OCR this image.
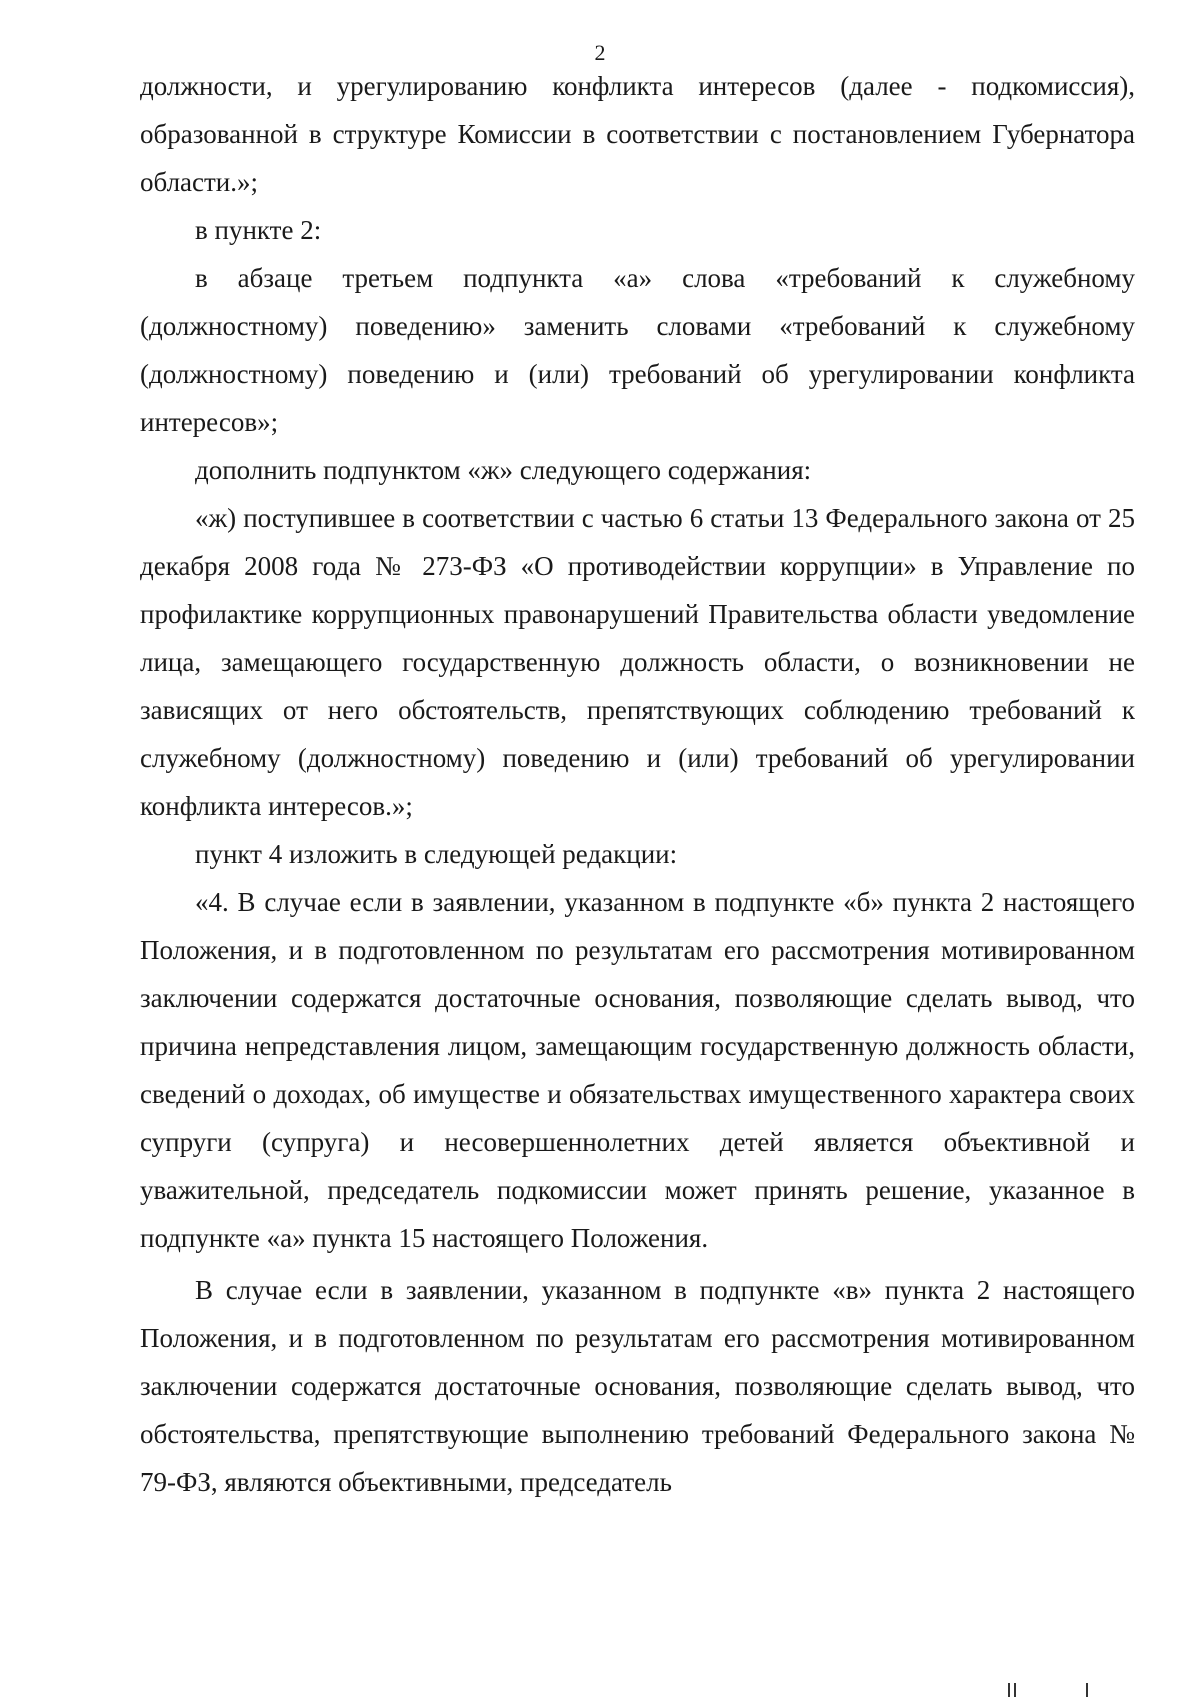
2

должности, и урегулированию конфликта интересов (далее - подкомиссия), образованной в структуре Комиссии в соответствии с постановлением Губернатора области.»;

в пункте 2:

в абзаце третьем подпункта «а» слова «требований к служебному (должностному) поведению» заменить словами «требований к служебному (должностному) поведению и (или) требований об урегулировании конфликта интересов»;

дополнить подпунктом «ж» следующего содержания:

«ж) поступившее в соответствии с частью 6 статьи 13 Федерального закона от 25 декабря 2008 года № 273-ФЗ «О противодействии коррупции» в Управление по профилактике коррупционных правонарушений Правительства области уведомление лица, замещающего государственную должность области, о возникновении не зависящих от него обстоятельств, препятствующих соблюдению требований к служебному (должностному) поведению и (или) требований об урегулировании конфликта интересов.»;

пункт 4 изложить в следующей редакции:

«4. В случае если в заявлении, указанном в подпункте «б» пункта 2 настоящего Положения, и в подготовленном по результатам его рассмотрения мотивированном заключении содержатся достаточные основания, позволяющие сделать вывод, что причина непредставления лицом, замещающим государственную должность области, сведений о доходах, об имуществе и обязательствах имущественного характера своих супруги (супруга) и несовершеннолетних детей является объективной и уважительной, председатель подкомиссии может принять решение, указанное в подпункте «а» пункта 15 настоящего Положения.

В случае если в заявлении, указанном в подпункте «в» пункта 2 настоящего Положения, и в подготовленном по результатам его рассмотрения мотивированном заключении содержатся достаточные основания, позволяющие сделать вывод, что обстоятельства, препятствующие выполнению требований Федерального закона № 79-ФЗ, являются объективными, председатель
